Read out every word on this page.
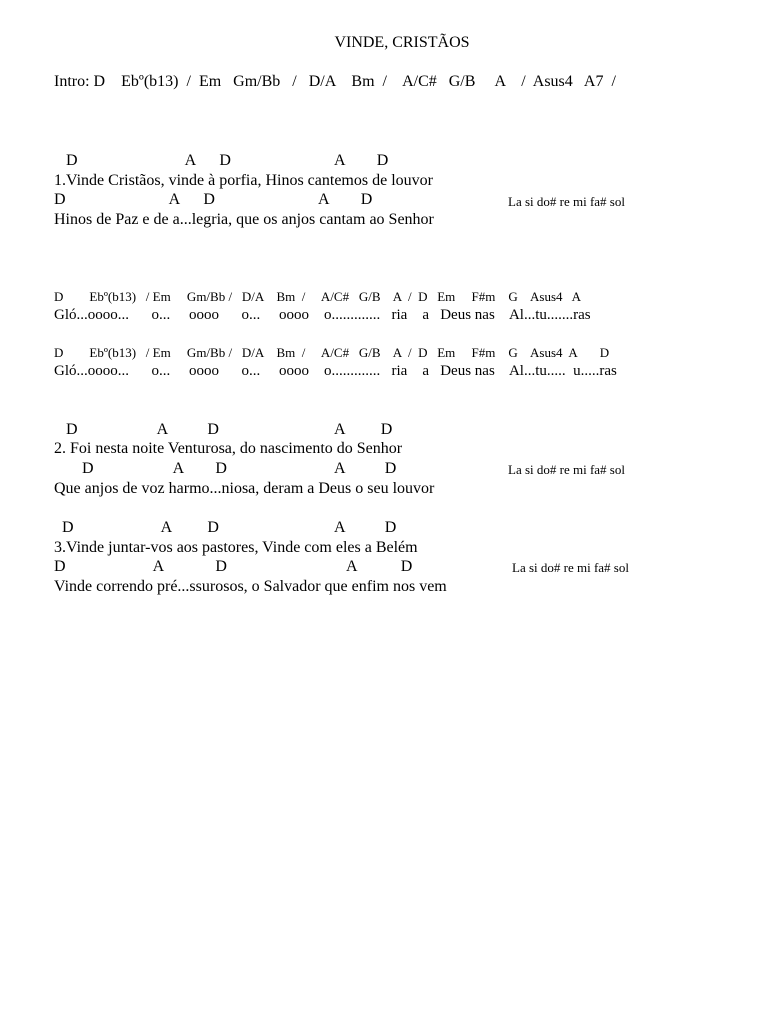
VINDE, CRISTÃOS
Intro: D    Ebº(b13)  /  Em   Gm/Bb   /   D/A    Bm  /    A/C#   G/B     A    /  Asus4   A7  /
D                           A      D                          A        D
1.Vinde Cristãos, vinde à porfia, Hinos cantemos de louvor
D                          A      D                          A        D	La si do# re mi fa# sol
Hinos de Paz e de a...legria, que os anjos cantam ao Senhor
D        Ebº(b13)   / Em     Gm/Bb /   D/A    Bm  /     A/C#   G/B    A  /  D   Em     F#m    G    Asus4   A
Gló...oooo...      o...     oooo      o...     oooo    o.............   ria    a   Deus nas    Al...tu.......ras
D        Ebº(b13)   / Em     Gm/Bb /   D/A    Bm  /     A/C#   G/B    A  /  D   Em     F#m    G    Asus4  A       D
Gló...oooo...      o...     oooo      o...     oooo    o.............   ria    a   Deus nas    Al...tu.....  u.....ras
D                    A          D                             A         D
2. Foi nesta noite Venturosa, do nascimento do Senhor
D                    A        D                           A          D	La si do# re mi fa# sol
Que anjos de voz harmo...niosa, deram a Deus o seu louvor
D                      A         D                             A          D
3.Vinde juntar-vos aos pastores, Vinde com eles a Belém
D                      A             D                              A           D	La si do# re mi fa# sol
Vinde correndo pré...ssurosos, o Salvador que enfim nos vem
